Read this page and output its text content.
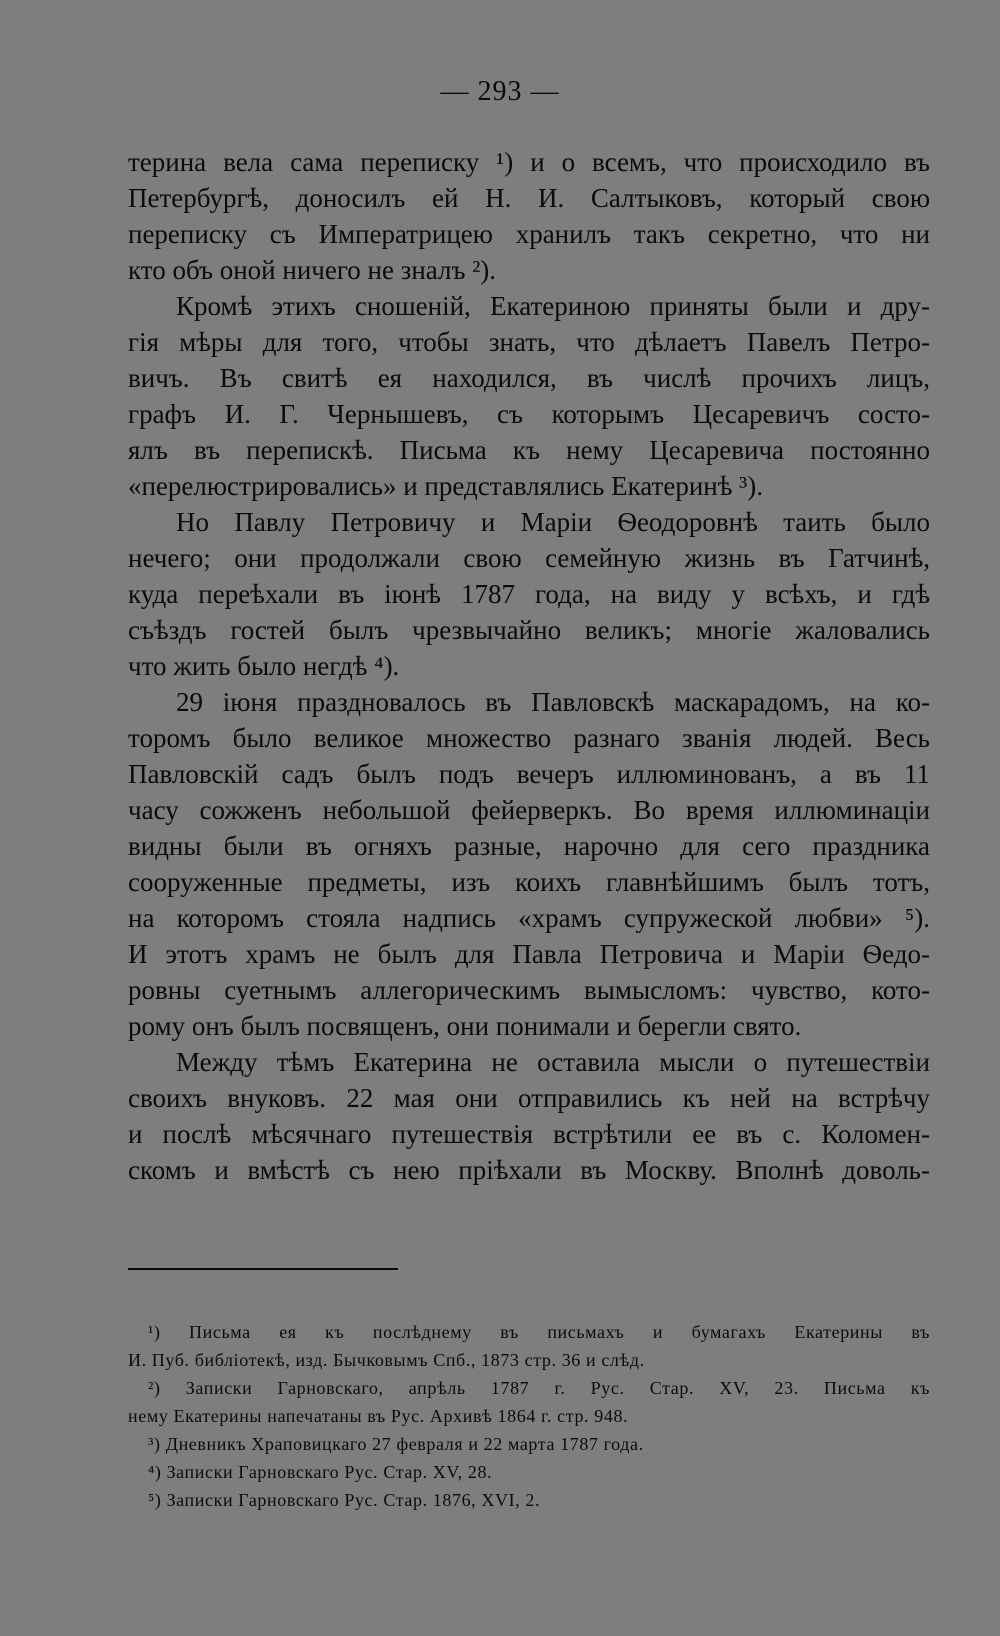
— 293 —
терина вела сама переписку ¹) и о всемъ, что происходило въ
Петербургѣ, доносилъ ей Н. И. Салтыковъ, который свою
переписку съ Императрицею хранилъ такъ секретно, что ни
кто объ оной ничего не зналъ ²).
Кромѣ этихъ сношеній, Екатериною приняты были и дру-
гія мѣры для того, чтобы знать, что дѣлаетъ Павелъ Петро-
вичъ. Въ свитѣ ея находился, въ числѣ прочихъ лицъ,
графъ И. Г. Чернышевъ, съ которымъ Цесаревичъ состо-
ялъ въ перепискѣ. Письма къ нему Цесаревича постоянно
«перелюстрировались» и представлялись Екатеринѣ ³).
Но Павлу Петровичу и Маріи Ѳеодоровнѣ таить было
нечего; они продолжали свою семейную жизнь въ Гатчинѣ,
куда переѣхали въ іюнѣ 1787 года, на виду у всѣхъ, и гдѣ
съѣздъ гостей былъ чрезвычайно великъ; многіе жаловались
что жить было негдѣ ⁴).
29 іюня праздновалось въ Павловскѣ маскарадомъ, на ко-
торомъ было великое множество разнаго званія людей. Весь
Павловскій садъ былъ подъ вечеръ иллюминованъ, а въ 11
часу сожженъ небольшой фейерверкъ. Во время иллюминаціи
видны были въ огняхъ разные, нарочно для сего праздника
сооруженные предметы, изъ коихъ главнѣйшимъ былъ тотъ,
на которомъ стояла надпись «храмъ супружеской любви» ⁵).
И этотъ храмъ не былъ для Павла Петровича и Маріи Ѳедо-
ровны суетнымъ аллегорическимъ вымысломъ: чувство, кото-
рому онъ былъ посвященъ, они понимали и берегли свято.
Между тѣмъ Екатерина не оставила мысли о путешествіи
своихъ внуковъ. 22 мая они отправились къ ней на встрѣчу
и послѣ мѣсячнаго путешествія встрѣтили ее въ с. Коломен-
скомъ и вмѣстѣ съ нею пріѣхали въ Москву. Вполнѣ доволь-
¹) Письма ея къ послѣднему въ письмахъ и бумагахъ Екатерины въ
И. Пуб. библіотекѣ, изд. Бычковымъ Спб., 1873 стр. 36 и слѣд.
²) Записки Гарновскаго, апрѣль 1787 г. Рус. Стар. XV, 23. Письма къ
нему Екатерины напечатаны въ Рус. Архивѣ 1864 г. стр. 948.
³) Дневникъ Храповицкаго 27 февраля и 22 марта 1787 года.
⁴) Записки Гарновскаго Рус. Стар. XV, 28.
⁵) Записки Гарновскаго Рус. Стар. 1876, XVI, 2.
